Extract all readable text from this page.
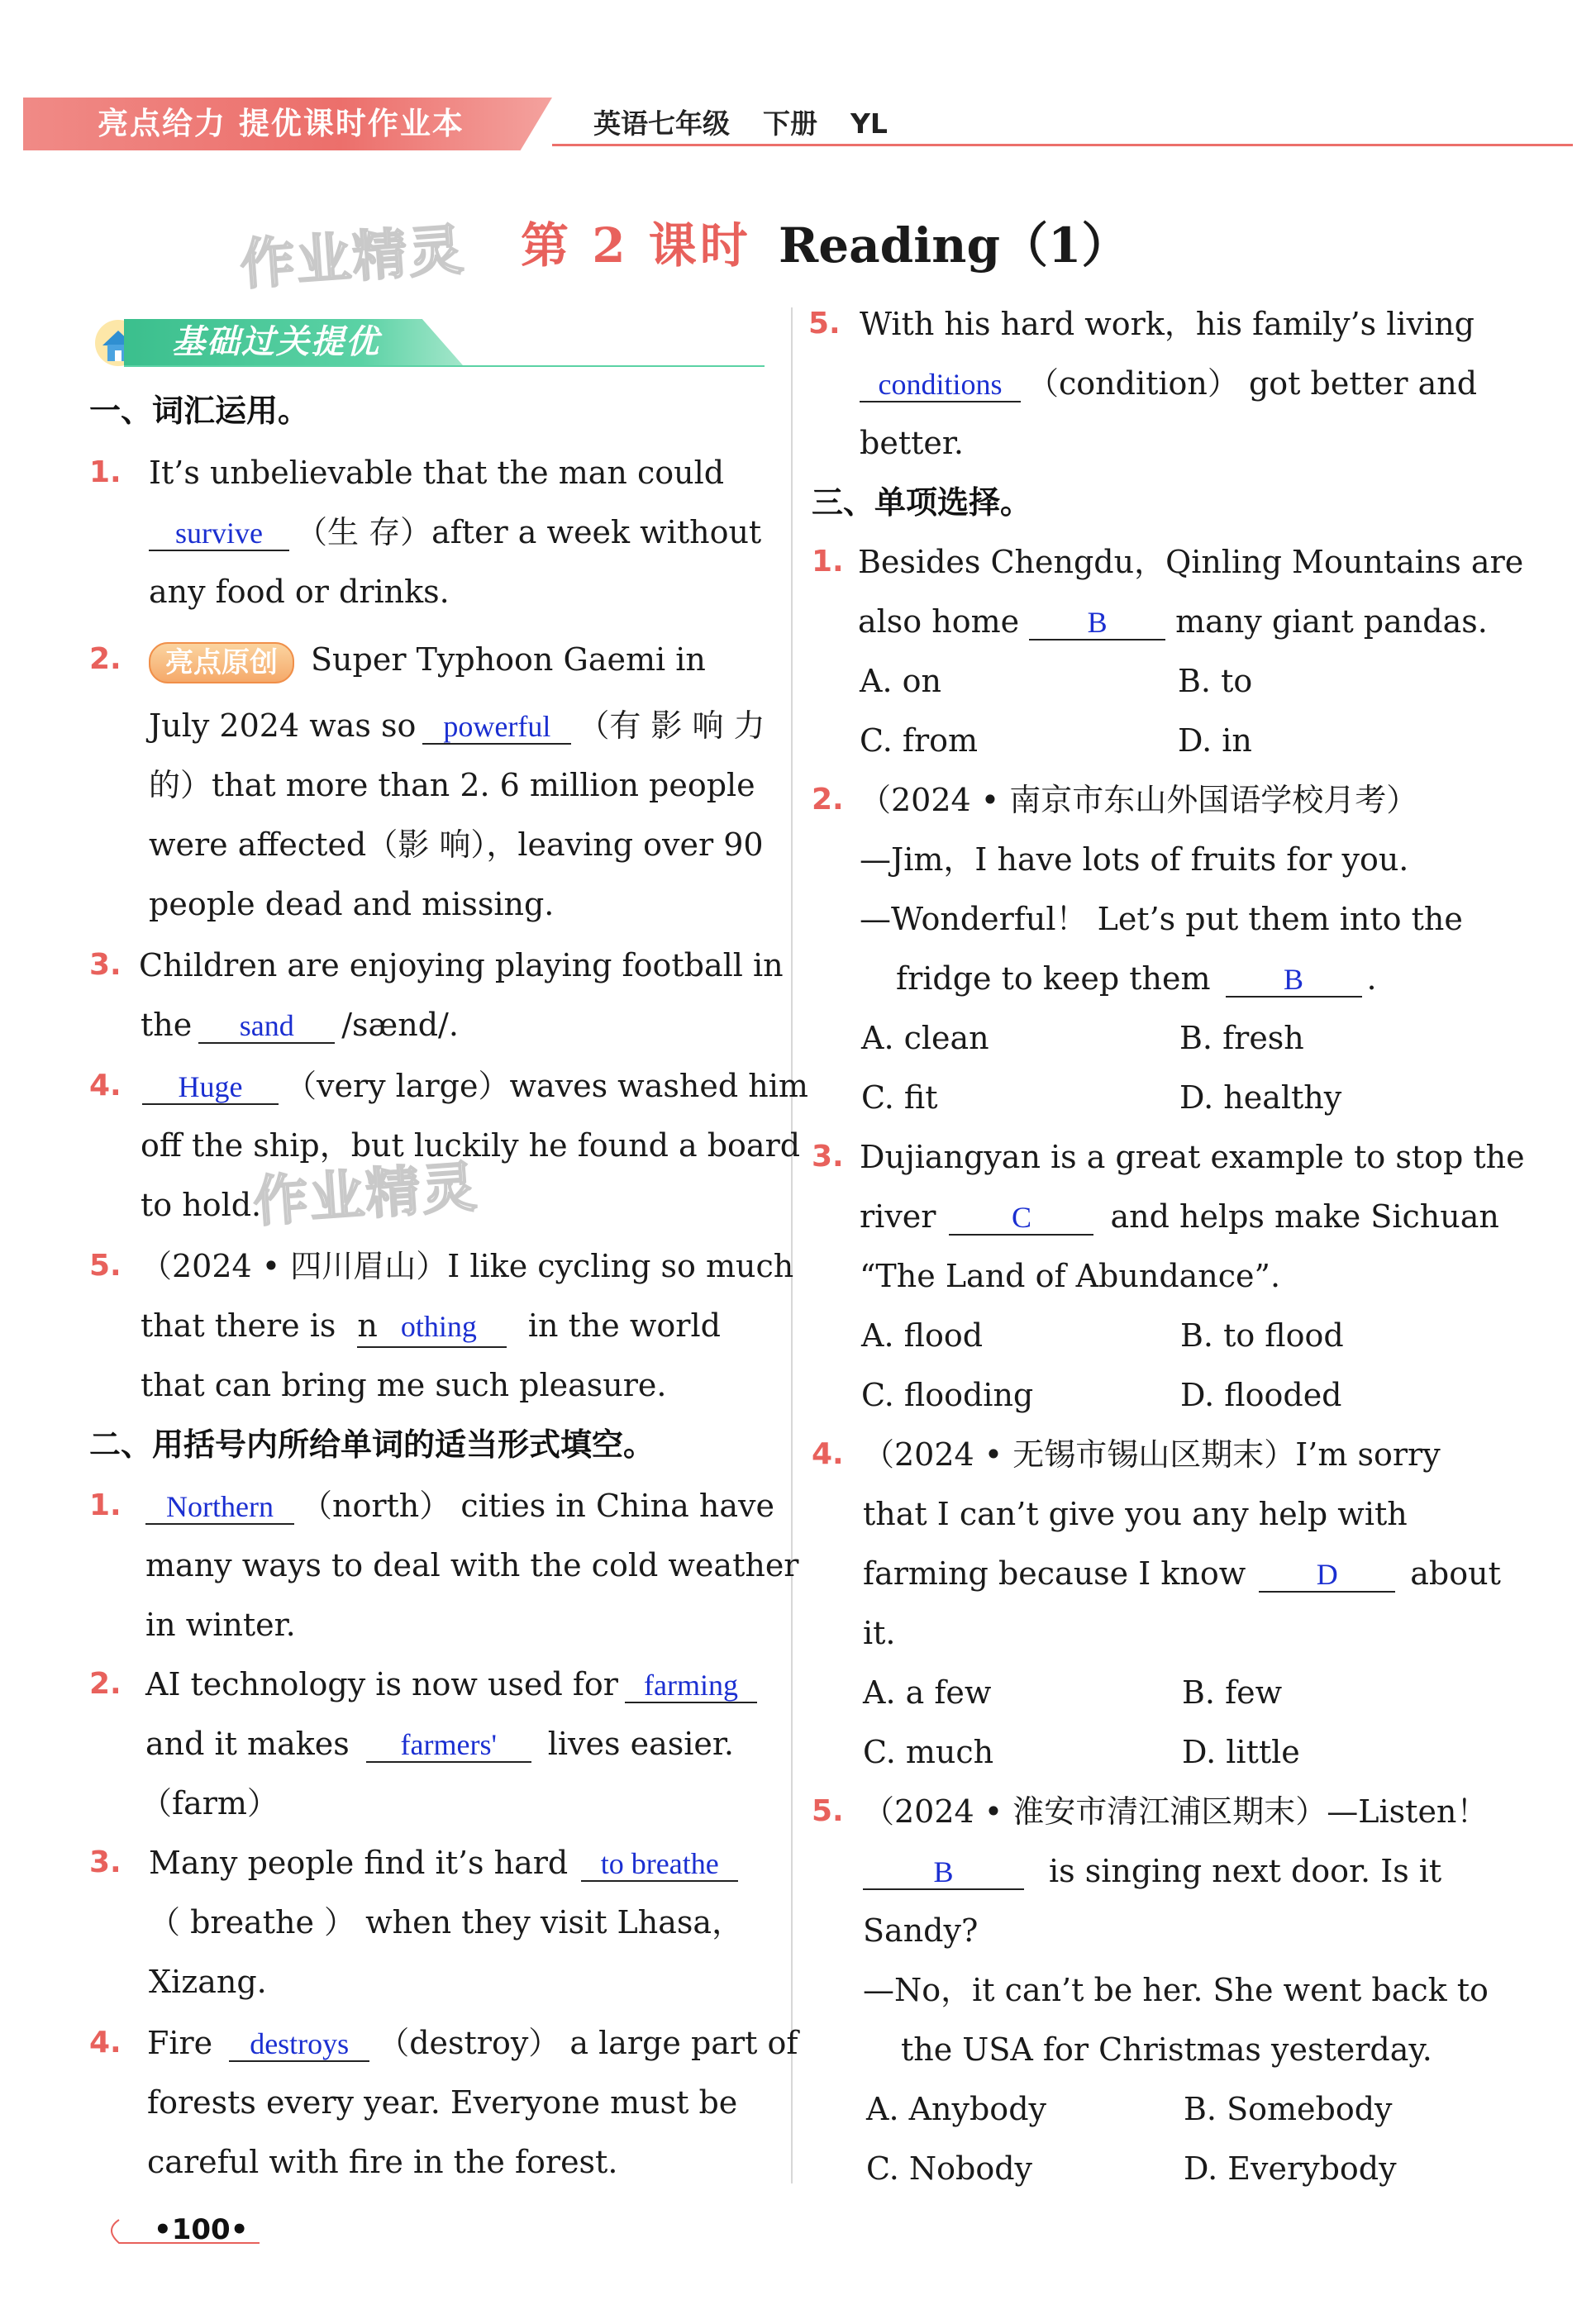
亮点给力 提优课时作业本	英语七年级 下册 YL
作业精灵
作业精灵
第 2 课时 Reading（1）
基础过关提优
一、词汇运用。
1. It’s unbelievable that the man could
survive （生 存）after a week without
any food or drinks.
2.	亮点原创 Super Typhoon Gaemi in
July 2024 was so powerful （有 影 响 力
的）that more than 2. 6 million people
were affected（影 响），leaving over 90
people dead and missing.
3. Children are enjoying playing football in
the sand /sænd/.
4.	Huge （very large）waves washed him
off the ship，but luckily he found a board
to hold.
5. （2024 • 四川眉山）I like cycling so much
that there is n othing in the world
that can bring me such pleasure.
二、用括号内所给单词的适当形式填空。
1.	Northern （north） cities in China have
many ways to deal with the cold weather
in winter.
2. AI technology is now used for farming
and it makes farmers' lives easier.
（farm）
3. Many people find it’s hard to breathe
（ breathe ） when they visit Lhasa，
Xizang.
4. Fire destroys （destroy） a large part of
forests every year. Everyone must be
careful with fire in the forest.
5. With his hard work，his family’s living
conditions （condition） got better and
better.
三、单项选择。
1. Besides Chengdu，Qinling Mountains are
also home B many giant pandas.
A. on	B. to
C. from	D. in
2. （2024 • 南京市东山外国语学校月考）
—Jim，I have lots of fruits for you.
—Wonderful！ Let’s put them into the
fridge to keep them B .
A. clean	B. fresh
C. fit	D. healthy
3. Dujiangyan is a great example to stop the
river	C	and helps make Sichuan
“The Land of Abundance”.
A. flood	B. to flood
C. flooding	D. flooded
4. （2024 • 无锡市锡山区期末）I’m sorry
that I can’t give you any help with
farming because I know D about
it.
A. a few	B. few
C. much	D. little
5. （2024 • 淮安市清江浦区期末）—Listen！
B	is singing next door. Is it
Sandy?
—No，it can’t be her. She went back to
the USA for Christmas yesterday.
A. Anybody	B. Somebody
C. Nobody	D. Everybody
•100•
